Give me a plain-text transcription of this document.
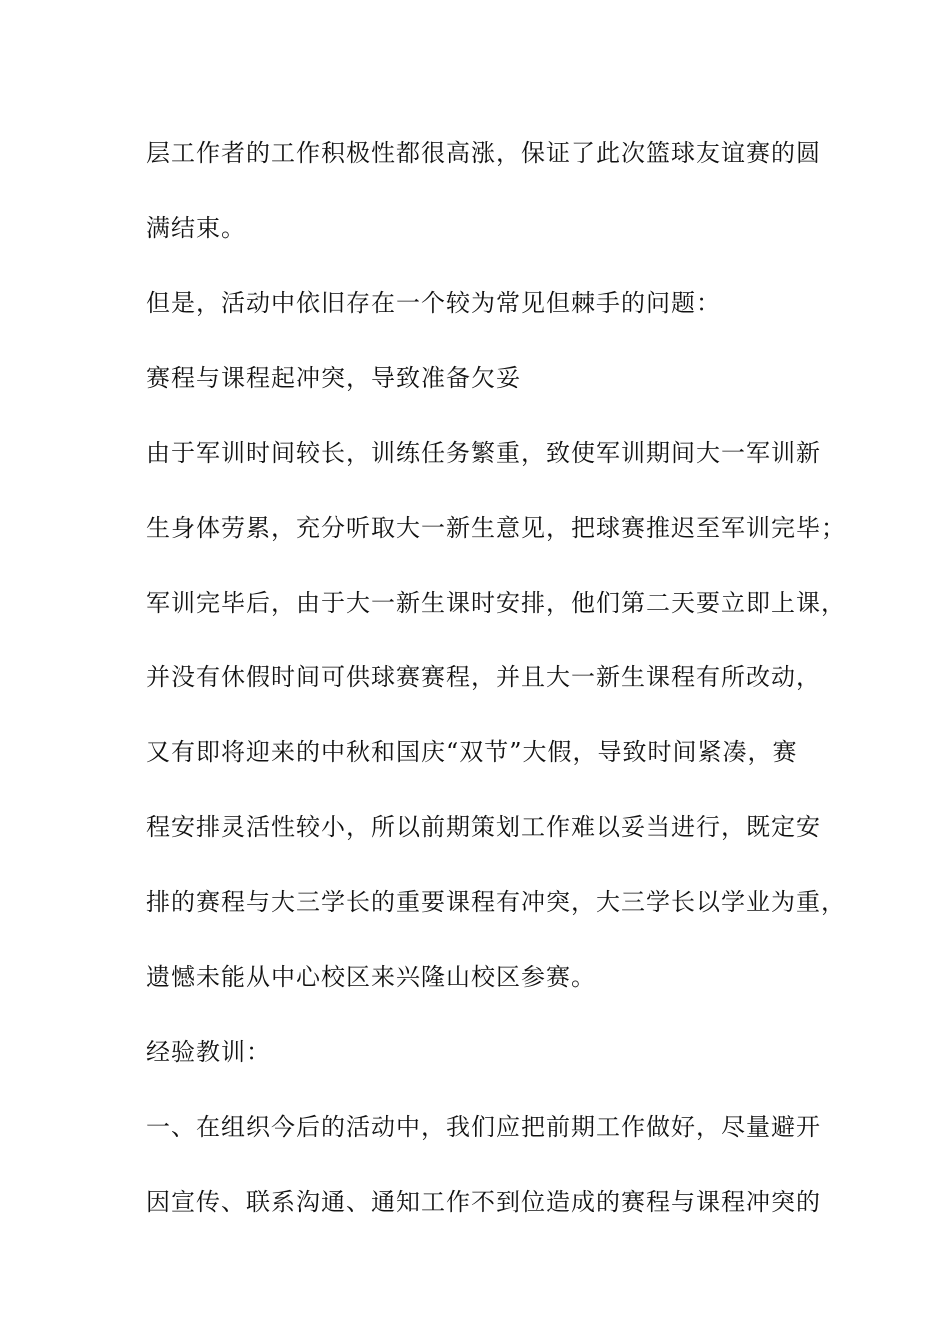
层工作者的工作积极性都很高涨，保证了此次篮球友谊赛的圆
满结束。
但是，活动中依旧存在一个较为常见但棘手的问题：
赛程与课程起冲突，导致准备欠妥
由于军训时间较长，训练任务繁重，致使军训期间大一军训新
生身体劳累，充分听取大一新生意见，把球赛推迟至军训完毕；
军训完毕后，由于大一新生课时安排，他们第二天要立即上课，
并没有休假时间可供球赛赛程，并且大一新生课程有所改动，
又有即将迎来的中秋和国庆“双节”大假，导致时间紧凑，赛
程安排灵活性较小，所以前期策划工作难以妥当进行，既定安
排的赛程与大三学长的重要课程有冲突，大三学长以学业为重，
遗憾未能从中心校区来兴隆山校区参赛。
经验教训：
一、在组织今后的活动中，我们应把前期工作做好，尽量避开
因宣传、联系沟通、通知工作不到位造成的赛程与课程冲突的
